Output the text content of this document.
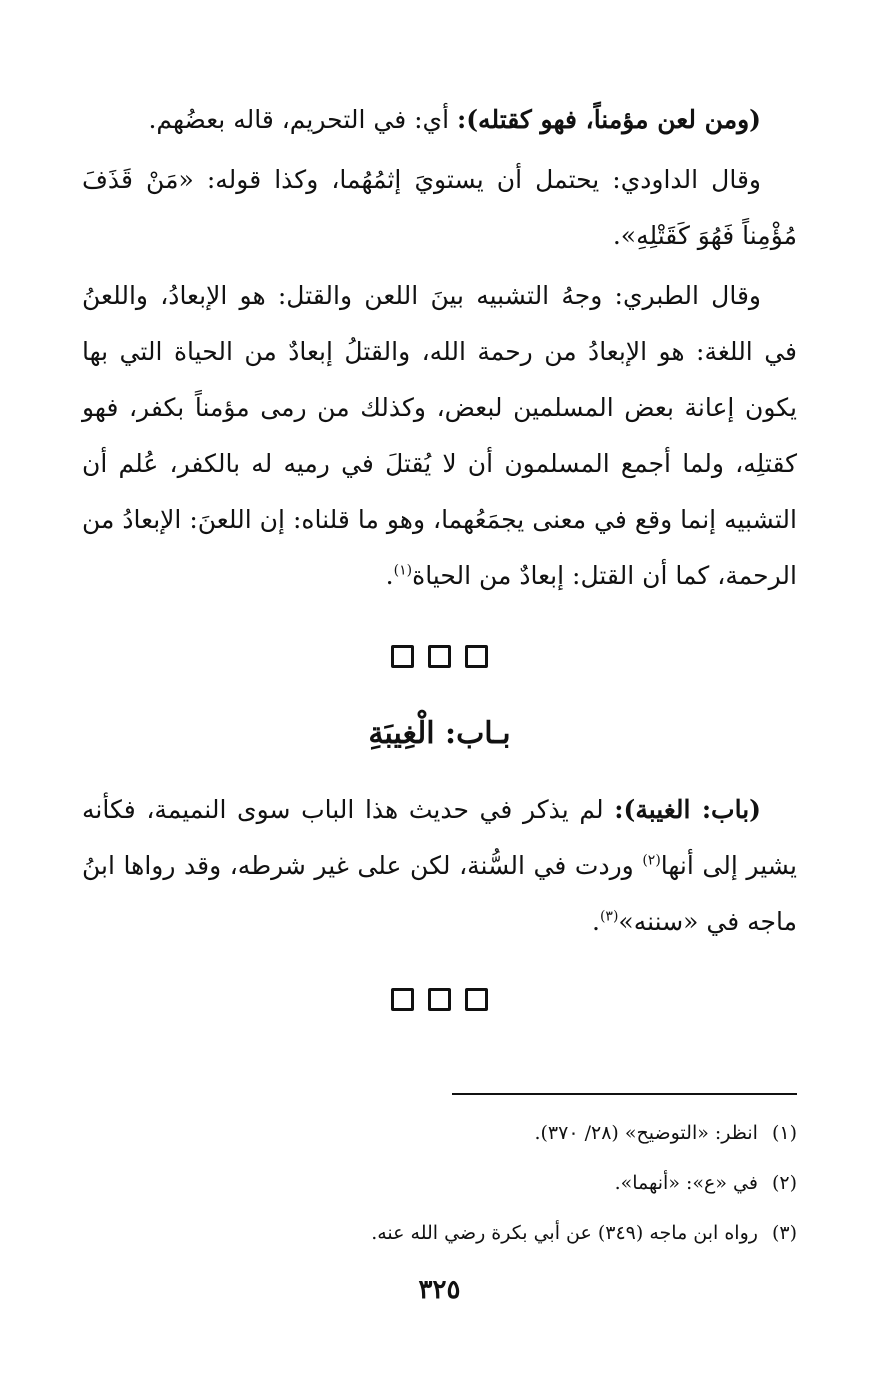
(ومن لعن مؤمناً، فهو كقتله): أي: في التحريم، قاله بعضُهم.

وقال الداودي: يحتمل أن يستويَ إثمُهُما، وكذا قوله: «مَنْ قَذَفَ مُؤْمِناً فَهُوَ كَقَتْلِهِ».

وقال الطبري: وجهُ التشبيه بينَ اللعن والقتل: هو الإبعادُ، واللعنُ في اللغة: هو الإبعادُ من رحمة الله، والقتلُ إبعادٌ من الحياة التي بها يكون إعانة بعض المسلمين لبعض، وكذلك من رمى مؤمناً بكفر، فهو كقتلِه، ولما أجمع المسلمون أن لا يُقتلَ في رميه له بالكفر، عُلم أن التشبيه إنما وقع في معنى يجمَعُهما، وهو ما قلناه: إن اللعنَ: الإبعادُ من الرحمة، كما أن القتل: إبعادٌ من الحياة$^{(١)}$.

بـاب: الْغِيبَةِ

(باب: الغيبة): لم يذكر في حديث هذا الباب سوى النميمة، فكأنه يشير إلى أنها$^{(٢)}$ وردت في السُّنة، لكن على غير شرطه، وقد رواها ابنُ ماجه في «سننه»$^{(٣)}$.

(١)انظر: «التوضيح» (٢٨/ ٣٧٠).
(٢)في «ع»: «أنهما».
(٣)رواه ابن ماجه (٣٤٩) عن أبي بكرة رضي الله عنه.
٣٢٥
